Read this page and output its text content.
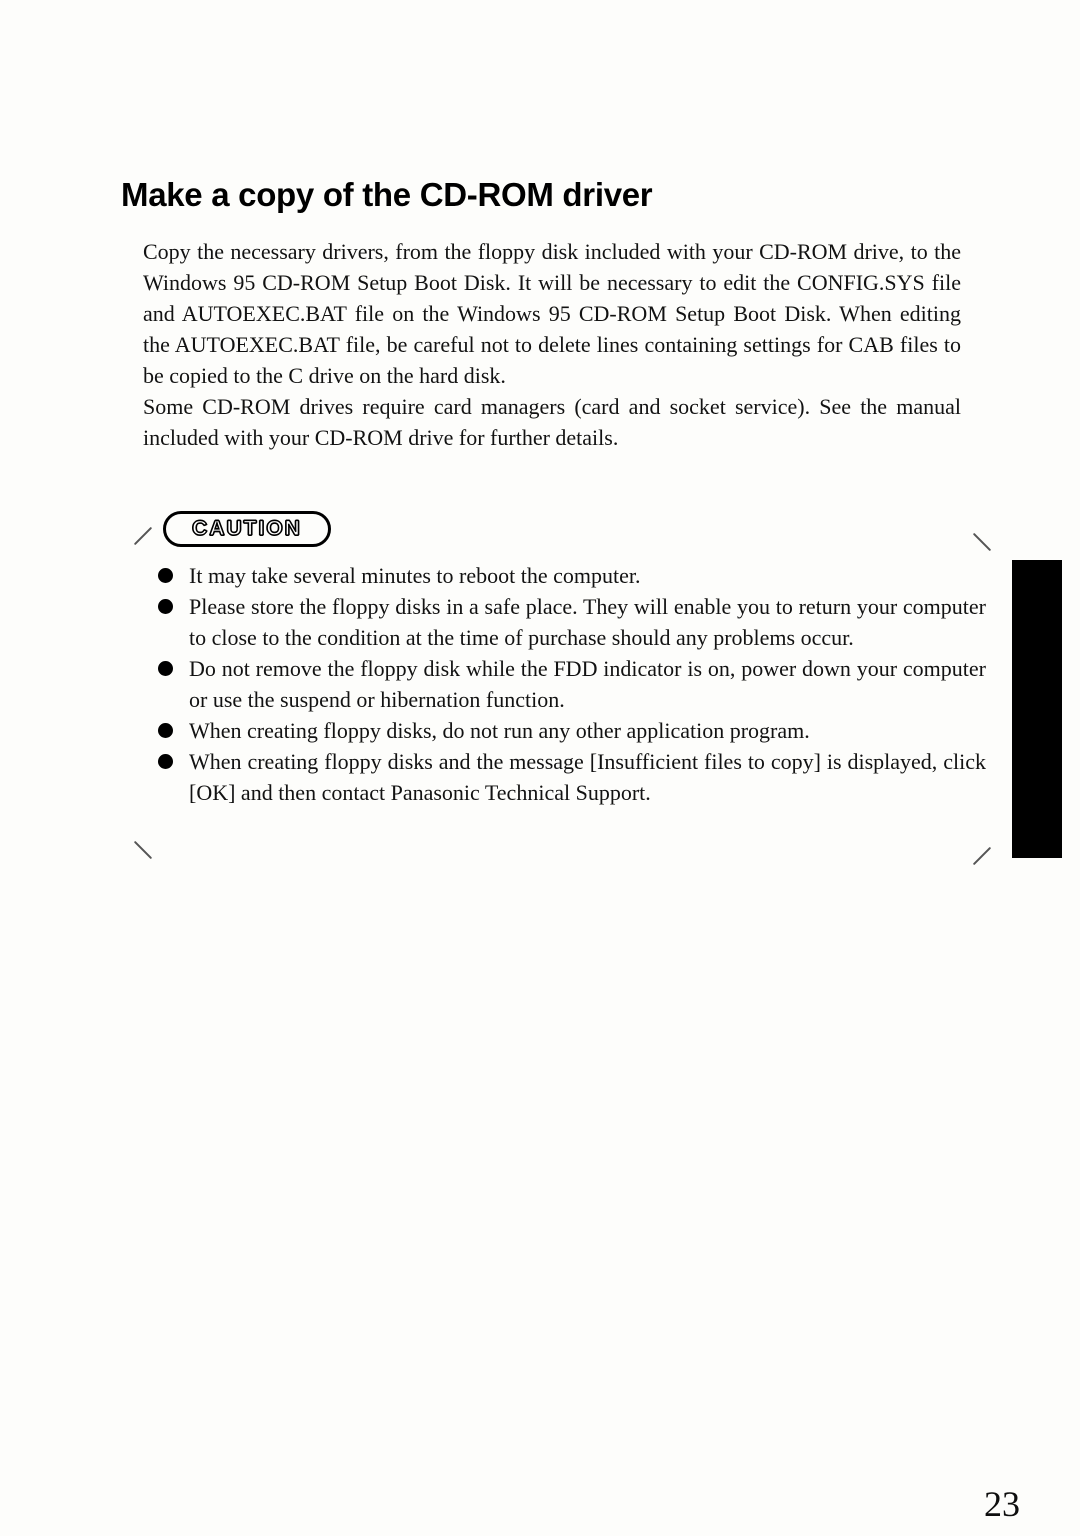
Make a copy of the CD-ROM driver

Copy the necessary drivers, from the floppy disk included with your CD-ROM drive, to the Windows 95 CD-ROM Setup Boot Disk. It will be necessary to edit the CONFIG.SYS file and AUTOEXEC.BAT file on the Windows 95 CD-ROM Setup Boot Disk. When editing the AUTOEXEC.BAT file, be careful not to delete lines containing settings for CAB files to be copied to the C drive on the hard disk.

Some CD-ROM drives require card managers (card and socket service). See the manual included with your CD-ROM drive for further details.

CAUTION
It may take several minutes to reboot the computer.
Please store the floppy disks in a safe place. They will enable you to return your computer to close to the condition at the time of purchase should any problems occur.
Do not remove the floppy disk while the FDD indicator is on, power down your computer or use the suspend or hibernation function.
When creating floppy disks, do not run any other application program.
When creating floppy disks and the message [Insufficient files to copy] is displayed, click [OK] and then contact Panasonic Technical Support.
23
